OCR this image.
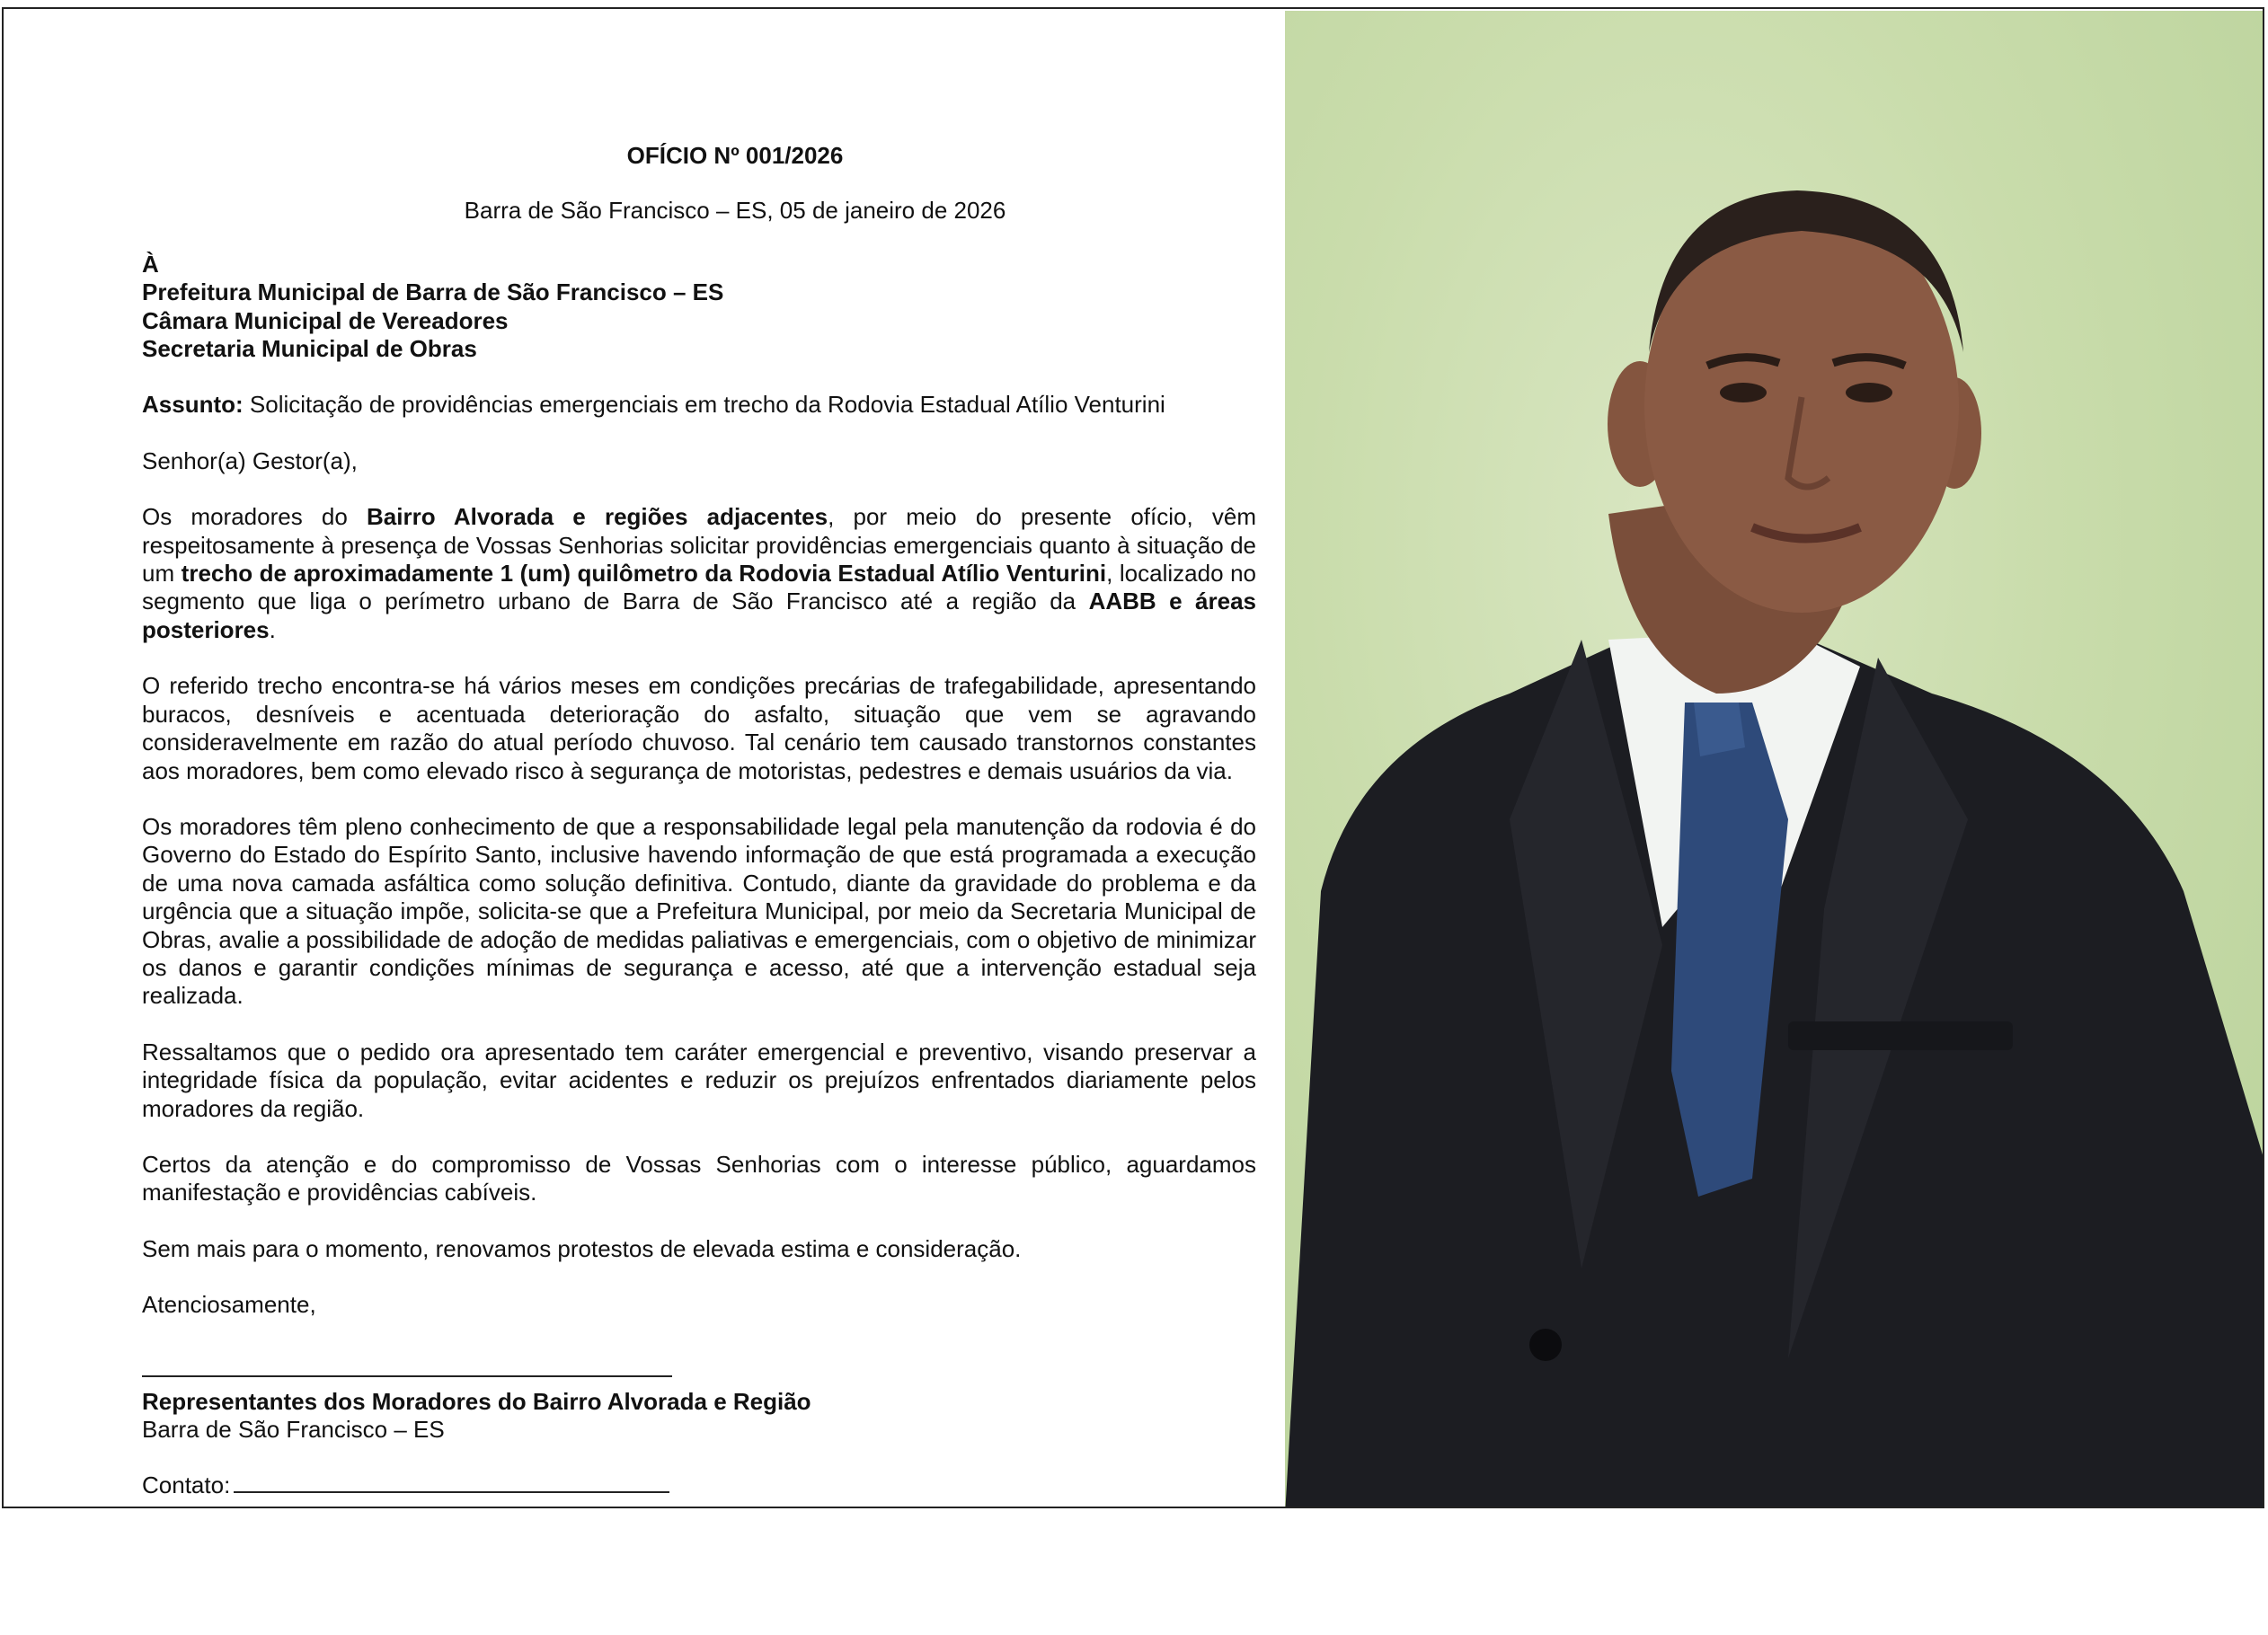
OFÍCIO Nº 001/2026
Barra de São Francisco – ES, 05 de janeiro de 2026
À
Prefeitura Municipal de Barra de São Francisco – ES
Câmara Municipal de Vereadores
Secretaria Municipal de Obras
Assunto: Solicitação de providências emergenciais em trecho da Rodovia Estadual Atílio Venturini
Senhor(a) Gestor(a),
Os moradores do Bairro Alvorada e regiões adjacentes, por meio do presente ofício, vêm respeitosamente à presença de Vossas Senhorias solicitar providências emergenciais quanto à situação de um trecho de aproximadamente 1 (um) quilômetro da Rodovia Estadual Atílio Venturini, localizado no segmento que liga o perímetro urbano de Barra de São Francisco até a região da AABB e áreas posteriores.
O referido trecho encontra-se há vários meses em condições precárias de trafegabilidade, apresentando buracos, desníveis e acentuada deterioração do asfalto, situação que vem se agravando consideravelmente em razão do atual período chuvoso. Tal cenário tem causado transtornos constantes aos moradores, bem como elevado risco à segurança de motoristas, pedestres e demais usuários da via.
Os moradores têm pleno conhecimento de que a responsabilidade legal pela manutenção da rodovia é do Governo do Estado do Espírito Santo, inclusive havendo informação de que está programada a execução de uma nova camada asfáltica como solução definitiva. Contudo, diante da gravidade do problema e da urgência que a situação impõe, solicita-se que a Prefeitura Municipal, por meio da Secretaria Municipal de Obras, avalie a possibilidade de adoção de medidas paliativas e emergenciais, com o objetivo de minimizar os danos e garantir condições mínimas de segurança e acesso, até que a intervenção estadual seja realizada.
Ressaltamos que o pedido ora apresentado tem caráter emergencial e preventivo, visando preservar a integridade física da população, evitar acidentes e reduzir os prejuízos enfrentados diariamente pelos moradores da região.
Certos da atenção e do compromisso de Vossas Senhorias com o interesse público, aguardamos manifestação e providências cabíveis.
Sem mais para o momento, renovamos protestos de elevada estima e consideração.
Atenciosamente,
Representantes dos Moradores do Bairro Alvorada e Região
Barra de São Francisco – ES
Contato:
